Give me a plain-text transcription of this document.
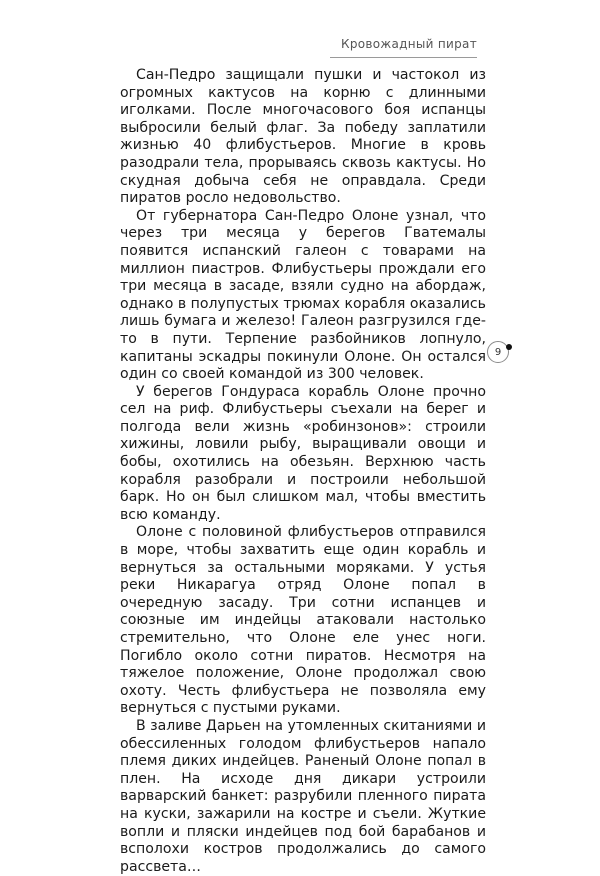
Кровожадный пират

Сан-Педро защищали пушки и частокол из огромных кактусов на корню с длинными иголками. После многочасового боя испанцы выбросили белый флаг. За победу заплатили жизнью 40 флибустьеров. Многие в кровь разодрали тела, прорываясь сквозь кактусы. Но скудная добыча себя не оправдала. Среди пиратов росло недовольство.

От губернатора Сан-Педро Олоне узнал, что через три месяца у берегов Гватемалы появится испанский галеон с товарами на миллион пиастров. Флибустьеры прождали его три месяца в засаде, взяли судно на абордаж, однако в полупустых трюмах корабля оказались лишь бумага и железо! Галеон разгрузился где-то в пути. Терпение разбойников лопнуло, капитаны эскадры покинули Олоне. Он остался один со своей командой из 300 человек.

У берегов Гондураса корабль Олоне прочно сел на риф. Флибустьеры съехали на берег и полгода вели жизнь «робинзонов»: строили хижины, ловили рыбу, выращивали овощи и бобы, охотились на обезьян. Верхнюю часть корабля разобрали и построили небольшой барк. Но он был слишком мал, чтобы вместить всю команду.

Олоне с половиной флибустьеров отправился в море, чтобы захватить еще один корабль и вернуться за остальными моряками. У устья реки Никарагуа отряд Олоне попал в очередную засаду. Три сотни испанцев и союзные им индейцы атаковали настолько стремительно, что Олоне еле унес ноги. Погибло около сотни пиратов. Несмотря на тяжелое положение, Олоне продолжал свою охоту. Честь флибустьера не позволяла ему вернуться с пустыми руками.

В заливе Дарьен на утомленных скитаниями и обессиленных голодом флибустьеров напало племя диких индейцев. Раненый Олоне попал в плен. На исходе дня дикари устроили варварский банкет: разрубили пленного пирата на куски, зажарили на костре и съели. Жуткие вопли и пляски индейцев под бой барабанов и всполохи костров продолжались до самого рассвета…

9
